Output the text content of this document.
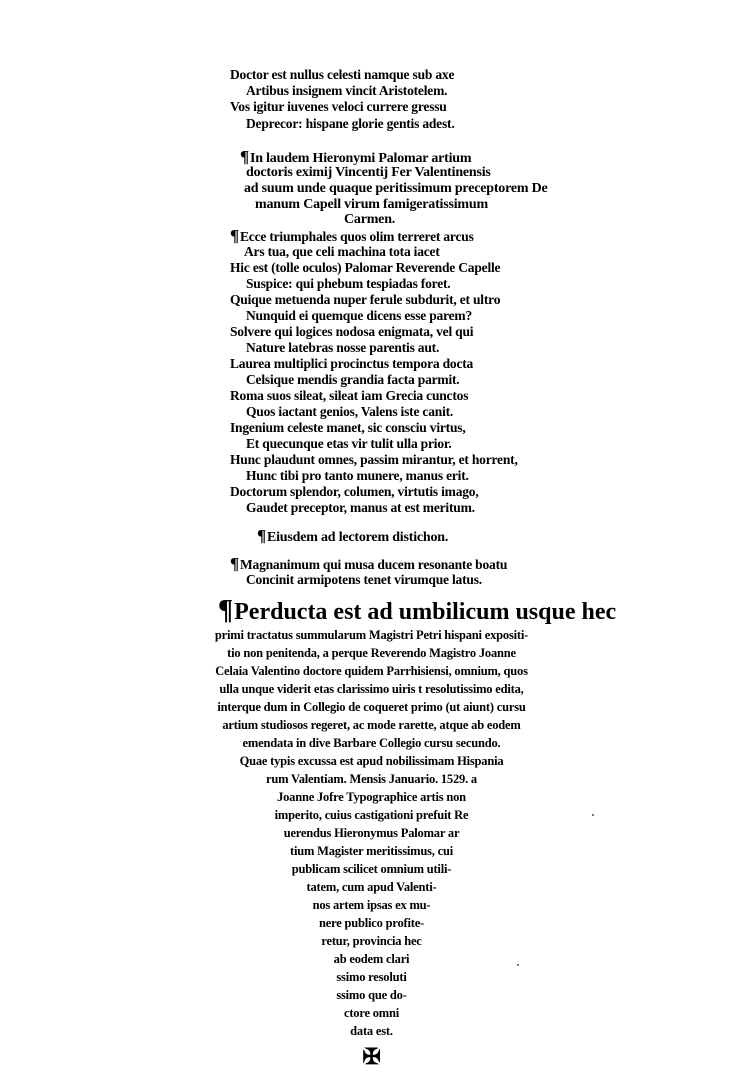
Doctor est nullus celesti namque sub axe
Artibus insignem vincit Aristotelem.
Vos igitur iuvenes veloci currere gressu
Deprecor: hispane glorie gentis adest.
¶In laudem Hieronymi Palomar artium
doctoris eximij Vincentij Fer Valentinensis
ad suum unde quaque peritissimum preceptorem De
manum Capell virum famigeratissimum
Carmen.
¶Ecce triumphales quos olim terreret arcus
Ars tua, que celi machina tota iacet
Hic est (tolle oculos) Palomar Reverende Capelle
Suspice: qui phebum tespiadas foret.
Quique metuenda nuper ferule subdurit, et ultro
Nunquid ei quemque dicens esse parem?
Solvere qui logices nodosa enigmata, vel qui
Nature latebras nosse parentis aut.
Laurea multiplici procinctus tempora docta
Celsique mendis grandia facta parmit.
Roma suos sileat, sileat iam Grecia cunctos
Quos iactant genios, Valens iste canit.
Ingenium celeste manet, sic consciu virtus,
Et quecunque etas vir tulit ulla prior.
Hunc plaudunt omnes, passim mirantur, et horrent,
Hunc tibi pro tanto munere, manus erit.
Doctorum splendor, columen, virtutis imago,
Gaudet preceptor, manus at est meritum.
¶Eiusdem ad lectorem distichon.
¶Magnanimum qui musa ducem resonante boatu
Concinit armipotens tenet virumque latus.
¶Perducta est ad umbilicum usque hec
primi tractatus summularum Magistri Petri hispani expositi-
tio non penitenda, a perque Reverendo Magistro Joanne
Celaia Valentino doctore quidem Parrhisiensi, omnium, quos
ulla unque viderit etas clarissimo uiris t resolutissimo edita,
interque dum in Collegio de coqueret primo (ut aiunt) cursu
artium studiosos regeret, ac mode rarette, atque ab eodem
emendata in dive Barbare Collegio cursu secundo.
Quae typis excussa est apud nobilissimam Hispania
rum Valentiam. Mensis Januario. 1529. a
Joanne Jofre Typographice artis non
imperito, cuius castigationi prefuit Re
uerendus Hieronymus Palomar ar
tium Magister meritissimus, cui
publicam scilicet omnium utili-
tatem, cum apud Valenti-
nos artem ipsas ex mu-
nere publico profite-
retur, provincia hec
ab eodem clari
ssimo resoluti
ssimo que do-
ctore omni
data est.
✠
